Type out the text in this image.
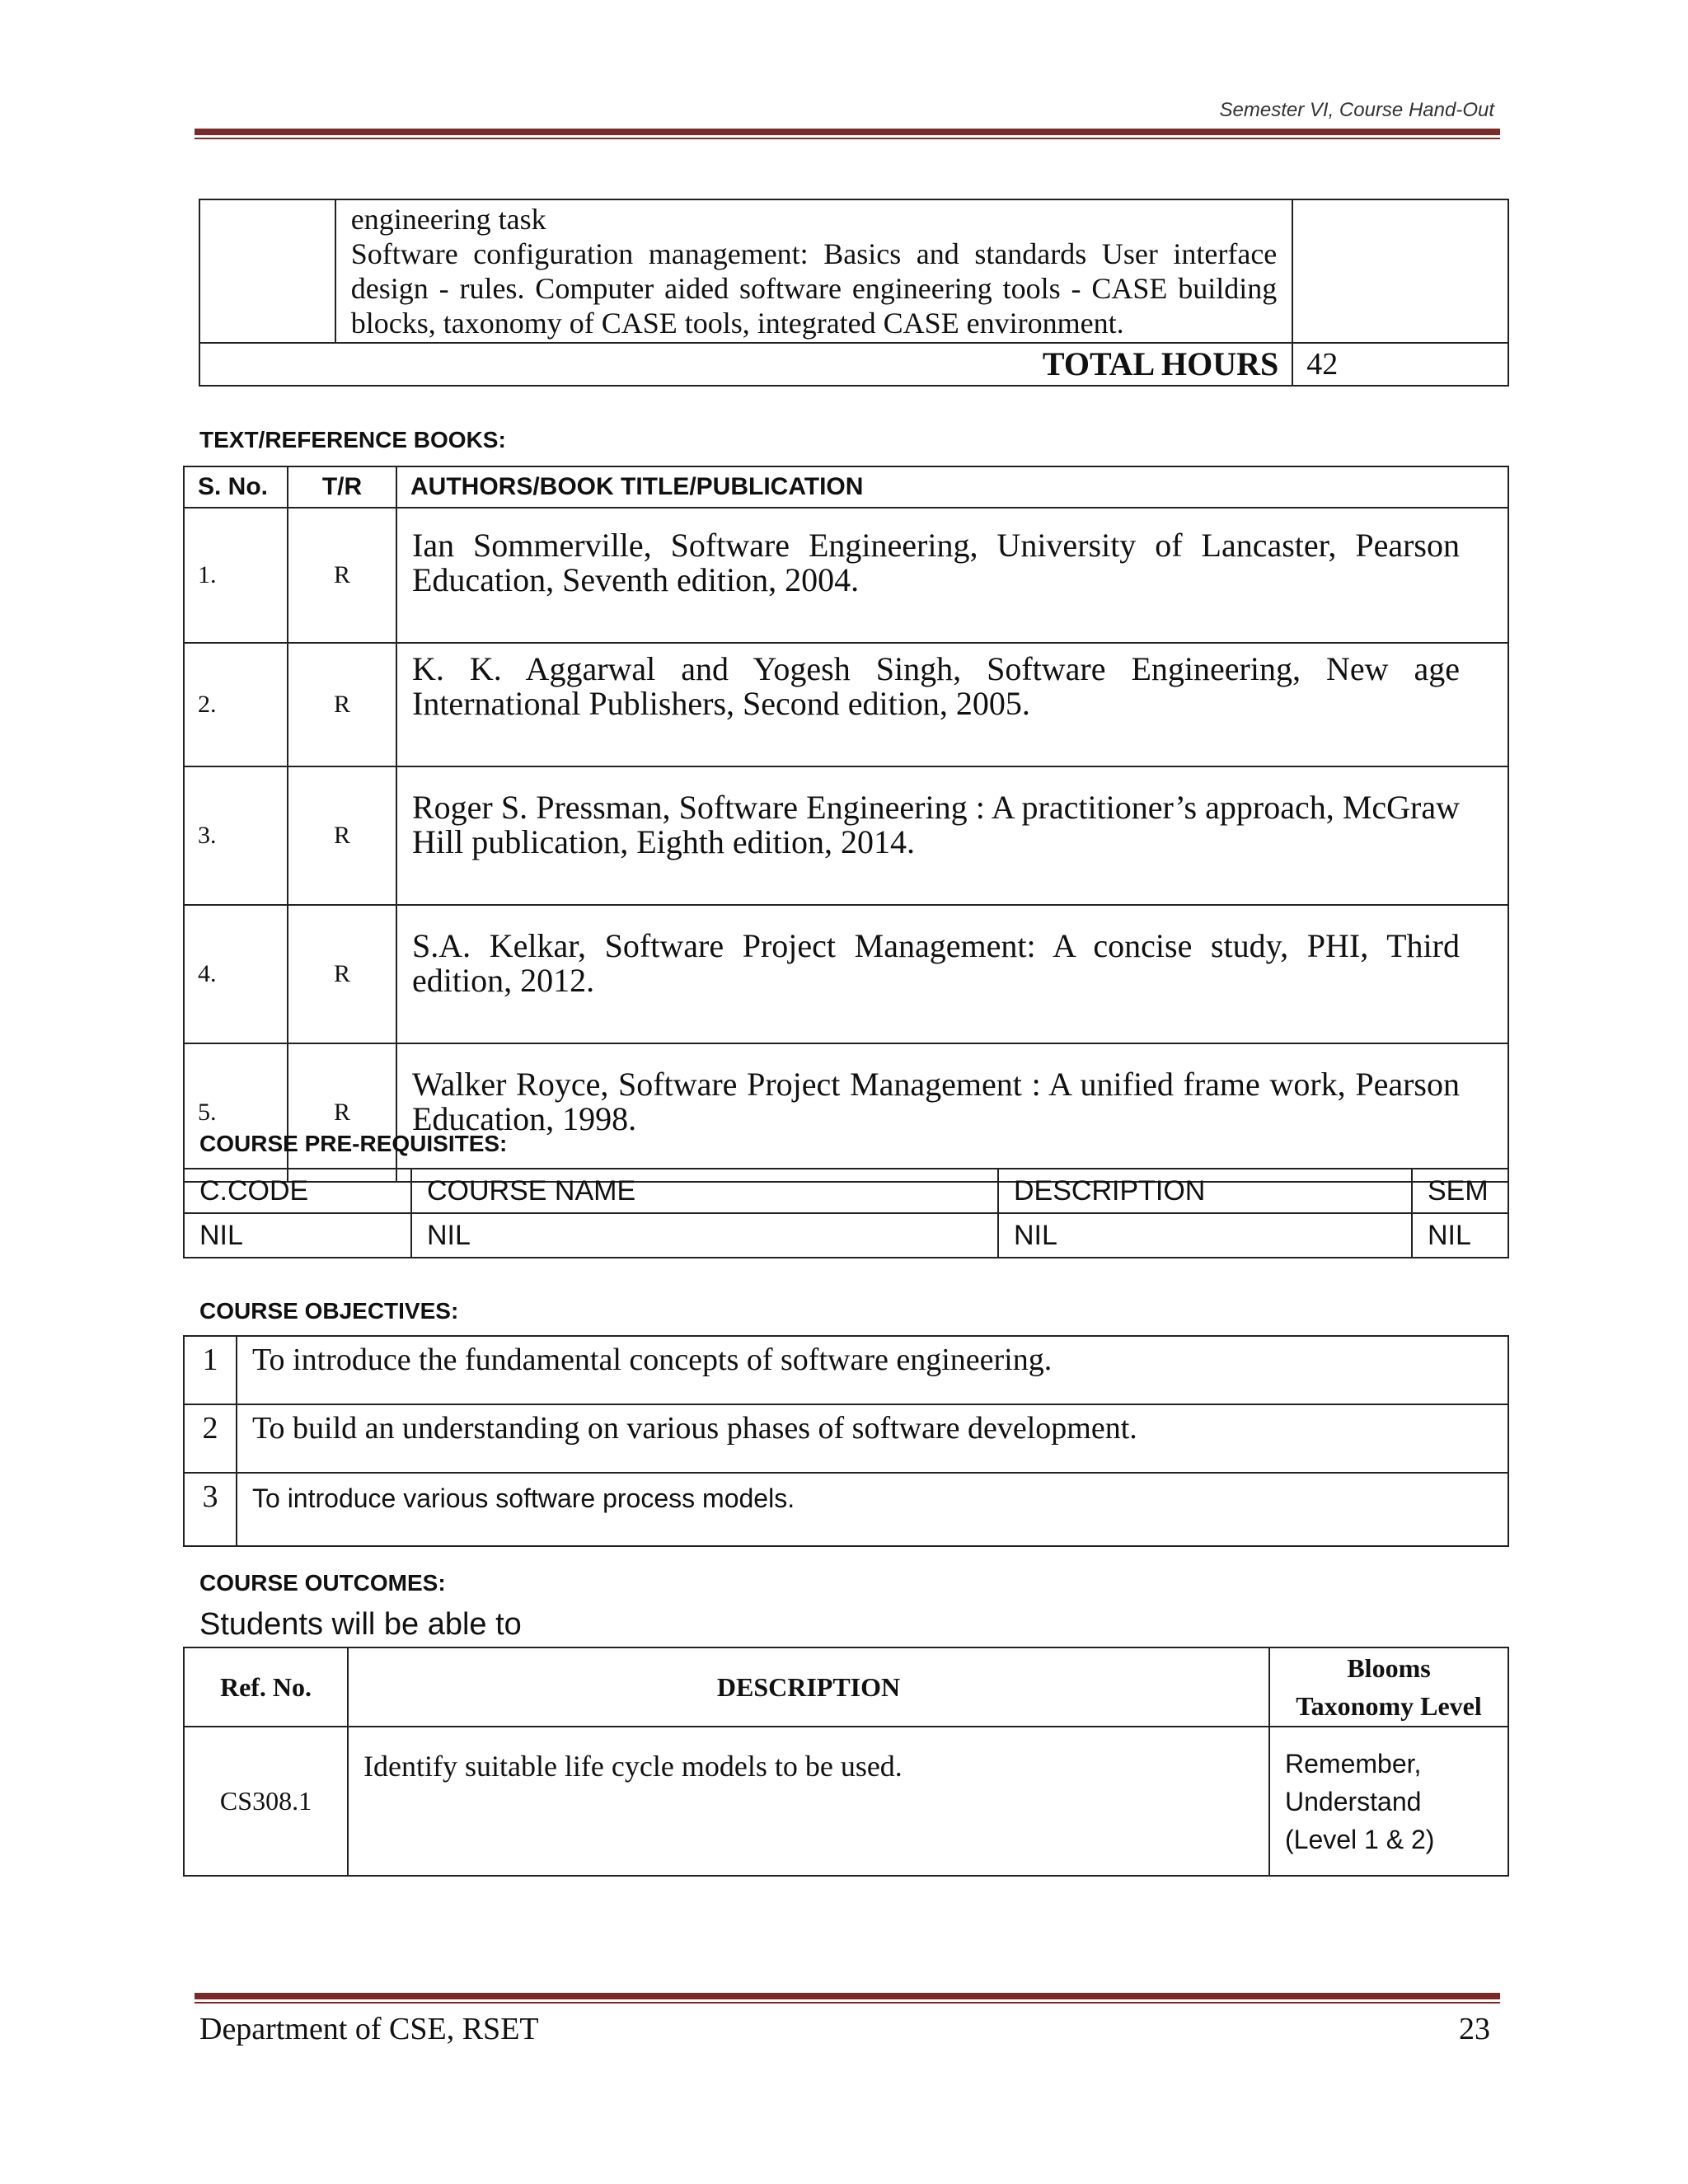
Semester VI, Course Hand-Out

	engineering task
Software configuration management: Basics and standards User interface design - rules. Computer aided software engineering tools - CASE building blocks, taxonomy of CASE tools, integrated CASE environment.	

TOTAL HOURS		42
TEXT/REFERENCE BOOKS:
S. No.	T/R	AUTHORS/BOOK TITLE/PUBLICATION
1.	R	Ian Sommerville, Software Engineering, University of Lancaster, Pearson Education, Seventh edition, 2004.
2.	R	K. K. Aggarwal and Yogesh Singh, Software Engineering, New age International Publishers, Second edition, 2005.
3.	R	Roger S. Pressman, Software Engineering : A practitioner’s approach, McGraw Hill publication, Eighth edition, 2014.
4.	R	S.A. Kelkar, Software Project Management: A concise study, PHI, Third edition, 2012.
5.	R	Walker Royce, Software Project Management : A unified frame work, Pearson Education, 1998.
COURSE PRE-REQUISITES:
C.CODE	COURSE NAME	DESCRIPTION	SEM
NIL	NIL	NIL	NIL
COURSE OBJECTIVES:
1	To introduce the fundamental concepts of software engineering.
2	To build an understanding on various phases of software development.
3	To introduce various software process models.
COURSE OUTCOMES:
Students will be able to
Ref. No.	DESCRIPTION	Blooms
Taxonomy Level

CS308.1	Identify suitable life cycle models to be used.	Remember,
Understand
(Level 1 & 2)
Department of CSE, RSET	23
